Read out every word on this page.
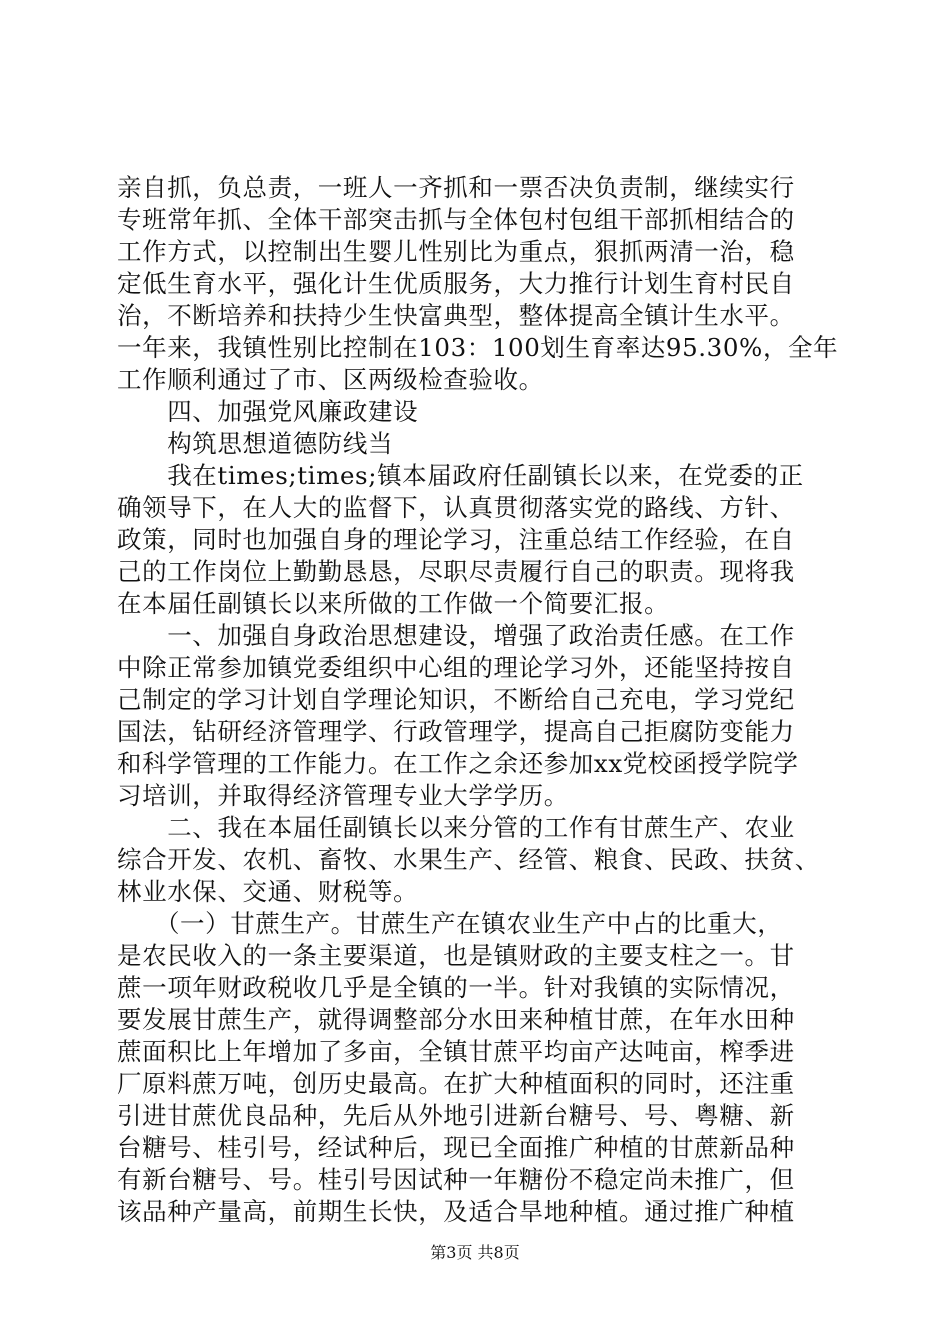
亲自抓，负总责，一班人一齐抓和一票否决负责制，继续实行
专班常年抓、全体干部突击抓与全体包村包组干部抓相结合的
工作方式，以控制出生婴儿性别比为重点，狠抓两清一治，稳
定低生育水平，强化计生优质服务，大力推行计划生育村民自
治，不断培养和扶持少生快富典型，整体提高全镇计生水平。
一年来，我镇性别比控制在103：100划生育率达95.30%，全年
工作顺利通过了市、区两级检查验收。
　　四、加强党风廉政建设
　　构筑思想道德防线当
　　我在times;times;镇本届政府任副镇长以来，在党委的正
确领导下，在人大的监督下，认真贯彻落实党的路线、方针、
政策，同时也加强自身的理论学习，注重总结工作经验，在自
己的工作岗位上勤勤恳恳，尽职尽责履行自己的职责。现将我
在本届任副镇长以来所做的工作做一个简要汇报。
　　一、加强自身政治思想建设，增强了政治责任感。在工作
中除正常参加镇党委组织中心组的理论学习外，还能坚持按自
己制定的学习计划自学理论知识，不断给自己充电，学习党纪
国法，钻研经济管理学、行政管理学，提高自己拒腐防变能力
和科学管理的工作能力。在工作之余还参加xx党校函授学院学
习培训，并取得经济管理专业大学学历。
　　二、我在本届任副镇长以来分管的工作有甘蔗生产、农业
综合开发、农机、畜牧、水果生产、经管、粮食、民政、扶贫、
林业水保、交通、财税等。
　　（一）甘蔗生产。甘蔗生产在镇农业生产中占的比重大，
是农民收入的一条主要渠道，也是镇财政的主要支柱之一。甘
蔗一项年财政税收几乎是全镇的一半。针对我镇的实际情况，
要发展甘蔗生产，就得调整部分水田来种植甘蔗，在年水田种
蔗面积比上年增加了多亩，全镇甘蔗平均亩产达吨亩，榨季进
厂原料蔗万吨，创历史最高。在扩大种植面积的同时，还注重
引进甘蔗优良品种，先后从外地引进新台糖号、号、粤糖、新
台糖号、桂引号，经试种后，现已全面推广种植的甘蔗新品种
有新台糖号、号。桂引号因试种一年糖份不稳定尚未推广，但
该品种产量高，前期生长快，及适合旱地种植。通过推广种植
第3页 共8页
